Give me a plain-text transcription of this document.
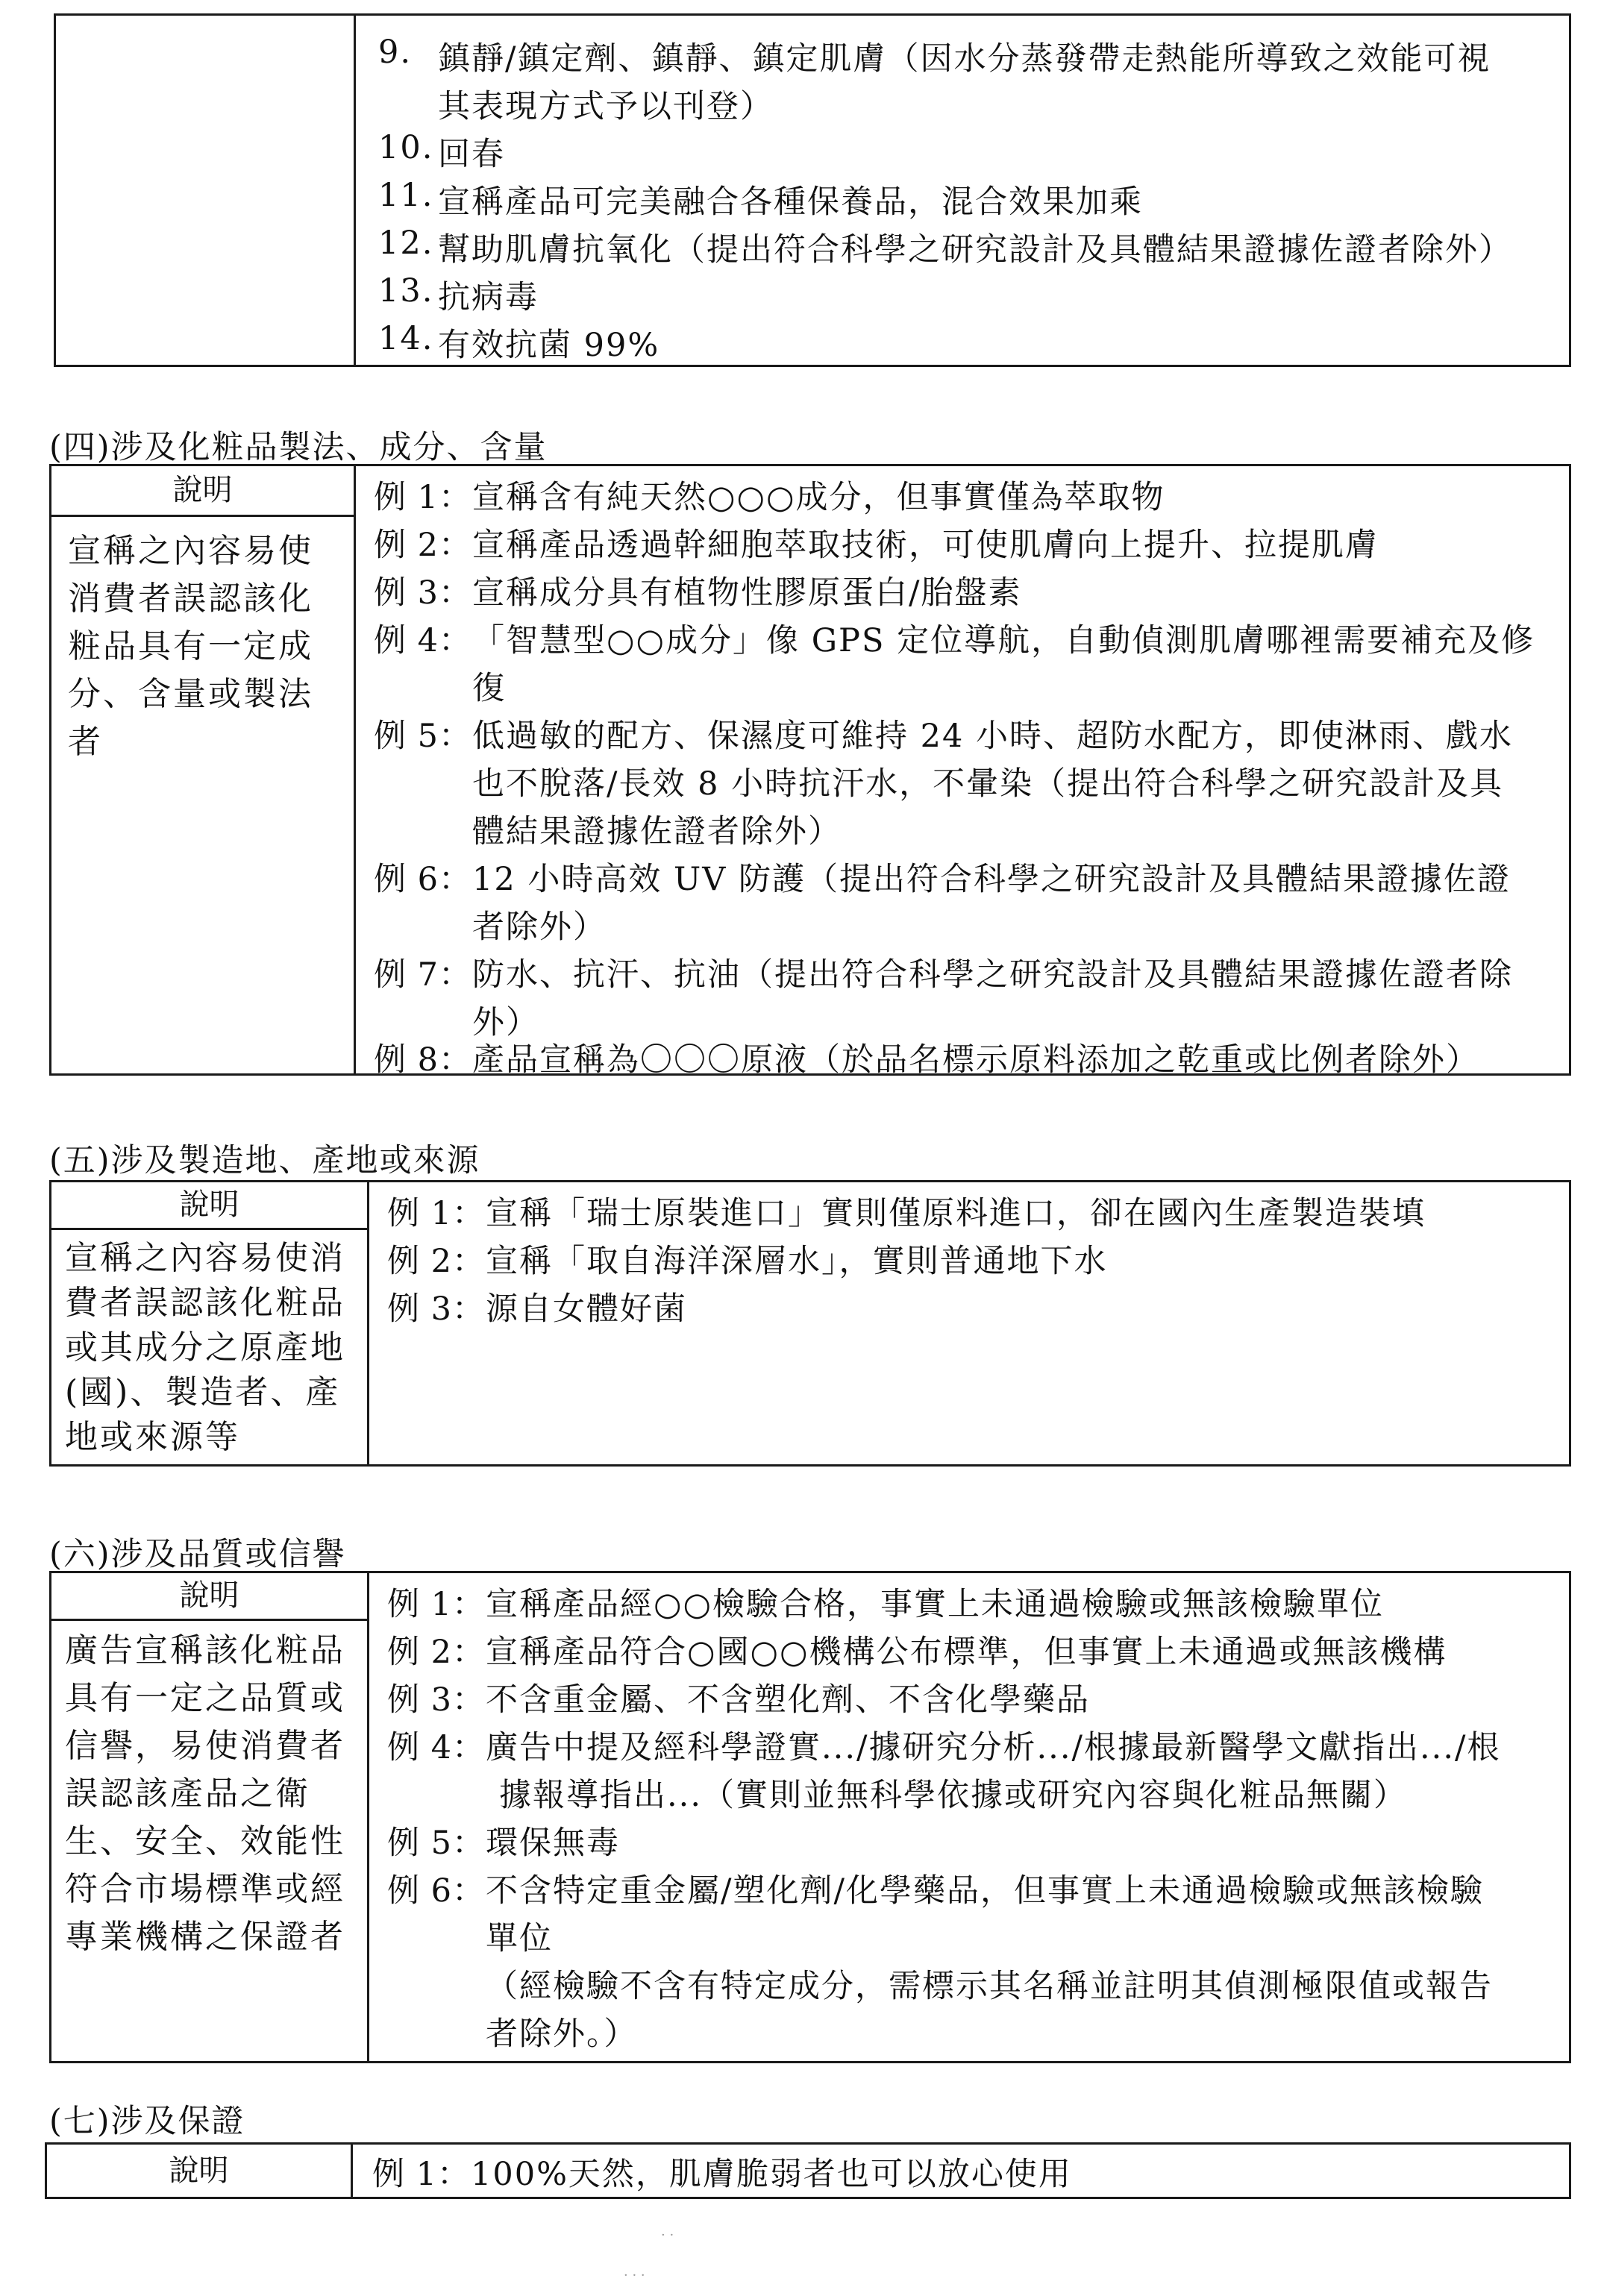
9. 鎮靜/鎮定劑、鎮靜、鎮定肌膚（因水分蒸發帶走熱能所導致之效能可視
其表現方式予以刊登）
10. 回春
11. 宣稱產品可完美融合各種保養品，混合效果加乘
12. 幫助肌膚抗氧化（提出符合科學之研究設計及具體結果證據佐證者除外）
13. 抗病毒
14. 有效抗菌 99%
(四)涉及化粧品製法、成分、含量
說明
宣稱之內容易使消費者誤認該化粧品具有一定成分、含量或製法者
例 1： 宣稱含有純天然○○○成分，但事實僅為萃取物
例 2： 宣稱產品透過幹細胞萃取技術，可使肌膚向上提升、拉提肌膚
例 3： 宣稱成分具有植物性膠原蛋白/胎盤素
例 4： 「智慧型○○成分」像 GPS 定位導航，自動偵測肌膚哪裡需要補充及修
復
例 5： 低過敏的配方、保濕度可維持 24 小時、超防水配方，即使淋雨、戲水
也不脫落/長效 8 小時抗汗水，不暈染（提出符合科學之研究設計及具
體結果證據佐證者除外）
例 6： 12 小時高效 UV 防護（提出符合科學之研究設計及具體結果證據佐證
者除外）
例 7： 防水、抗汗、抗油（提出符合科學之研究設計及具體結果證據佐證者除
外）
例 8： 產品宣稱為〇〇〇原液（於品名標示原料添加之乾重或比例者除外）
(五)涉及製造地、產地或來源
說明
宣稱之內容易使消費者誤認該化粧品或其成分之原產地(國)、製造者、產地或來源等
例 1： 宣稱「瑞士原裝進口」實則僅原料進口，卻在國內生產製造裝填
例 2： 宣稱「取自海洋深層水」，實則普通地下水
例 3： 源自女體好菌
(六)涉及品質或信譽
說明
廣告宣稱該化粧品具有一定之品質或信譽，易使消費者誤認該產品之衛生、安全、效能性符合市場標準或經專業機構之保證者
例 1： 宣稱產品經○○檢驗合格，事實上未通過檢驗或無該檢驗單位
例 2： 宣稱產品符合○國○○機構公布標準，但事實上未通過或無該機構
例 3： 不含重金屬、不含塑化劑、不含化學藥品
例 4： 廣告中提及經科學證實.../據研究分析.../根據最新醫學文獻指出.../根
據報導指出...（實則並無科學依據或研究內容與化粧品無關）
例 5： 環保無毒
例 6： 不含特定重金屬/塑化劑/化學藥品，但事實上未通過檢驗或無該檢驗
單位
（經檢驗不含有特定成分，需標示其名稱並註明其偵測極限值或報告
者除外。）
(七)涉及保證
說明	例 1： 100%天然，肌膚脆弱者也可以放心使用
· ·
· · ·
